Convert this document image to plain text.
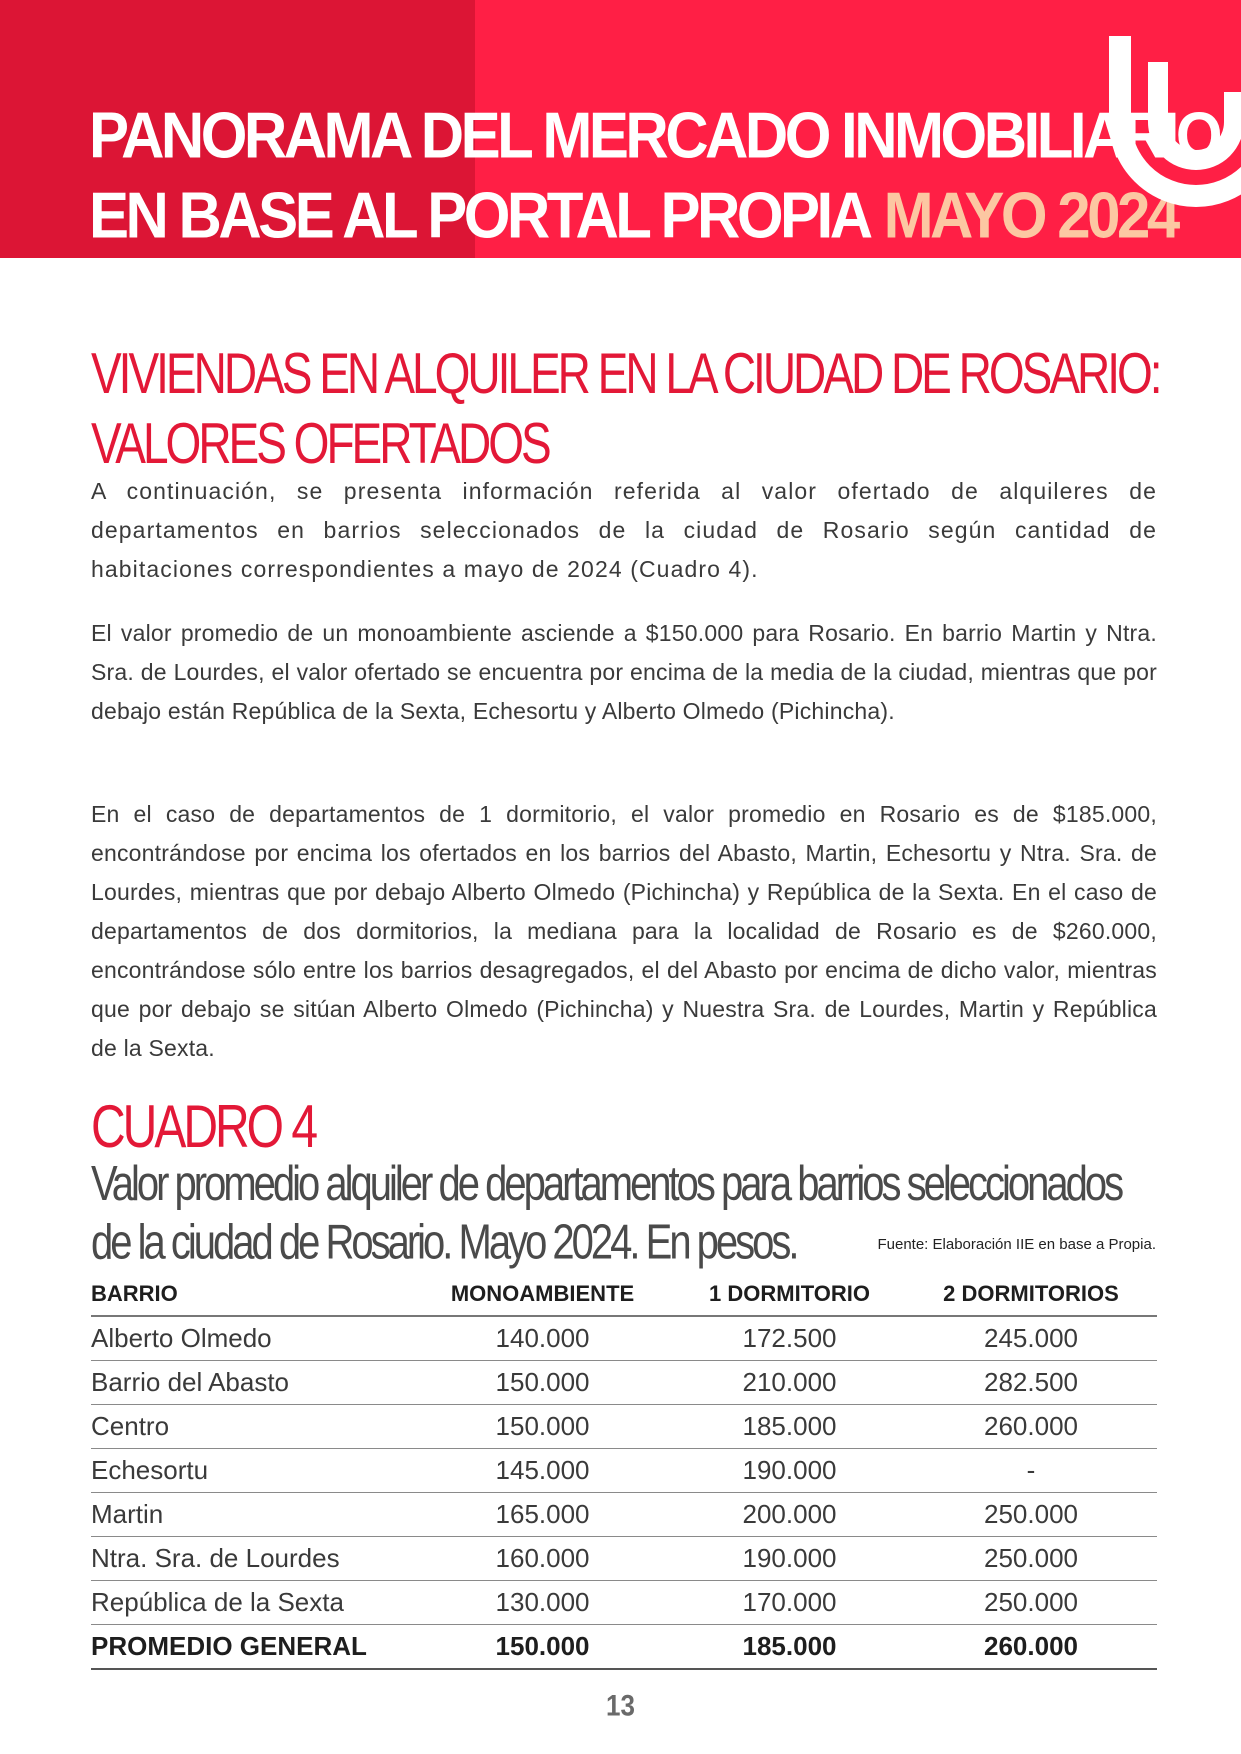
PANORAMA DEL MERCADO INMOBILIARIO
EN BASE AL PORTAL PROPIA MAYO 2024
VIVIENDAS EN ALQUILER EN LA CIUDAD DE ROSARIO:
VALORES OFERTADOS

A continuación, se presenta información referida al valor ofertado de alquileres de departamentos en barrios seleccionados de la ciudad de Rosario según cantidad de habitaciones correspondientes a mayo de 2024 (Cuadro 4).

El valor promedio de un monoambiente asciende a $150.000 para Rosario. En barrio Martin y Ntra. Sra. de Lourdes, el valor ofertado se encuentra por encima de la media de la ciudad, mientras que por debajo están República de la Sexta, Echesortu y Alberto Olmedo (Pichincha).

En el caso de departamentos de 1 dormitorio, el valor promedio en Rosario es de $185.000, encontrándose por encima los ofertados en los barrios del Abasto, Martin, Echesortu y Ntra. Sra. de Lourdes, mientras que por debajo Alberto Olmedo (Pichincha) y República de la Sexta. En el caso de departamentos de dos dormitorios, la mediana para la localidad de Rosario es de $260.000, encontrándose sólo entre los barrios desagregados, el del Abasto por encima de dicho valor, mientras que por debajo se sitúan Alberto Olmedo (Pichincha) y Nuestra Sra. de Lourdes, Martin y República de la Sexta.

CUADRO 4
Valor promedio alquiler de departamentos para barrios seleccionados de la ciudad de Rosario. Mayo 2024. En pesos.	Fuente: Elaboración IIE en base a Propia.

BARRIO	MONOAMBIENTE	1 DORMITORIO	2 DORMITORIOS
Alberto Olmedo	140.000	172.500	245.000
Barrio del Abasto	150.000	210.000	282.500
Centro	150.000	185.000	260.000
Echesortu	145.000	190.000	-
Martin	165.000	200.000	250.000
Ntra. Sra. de Lourdes	160.000	190.000	250.000
República de la Sexta	130.000	170.000	250.000
PROMEDIO GENERAL	150.000	185.000	260.000
13
